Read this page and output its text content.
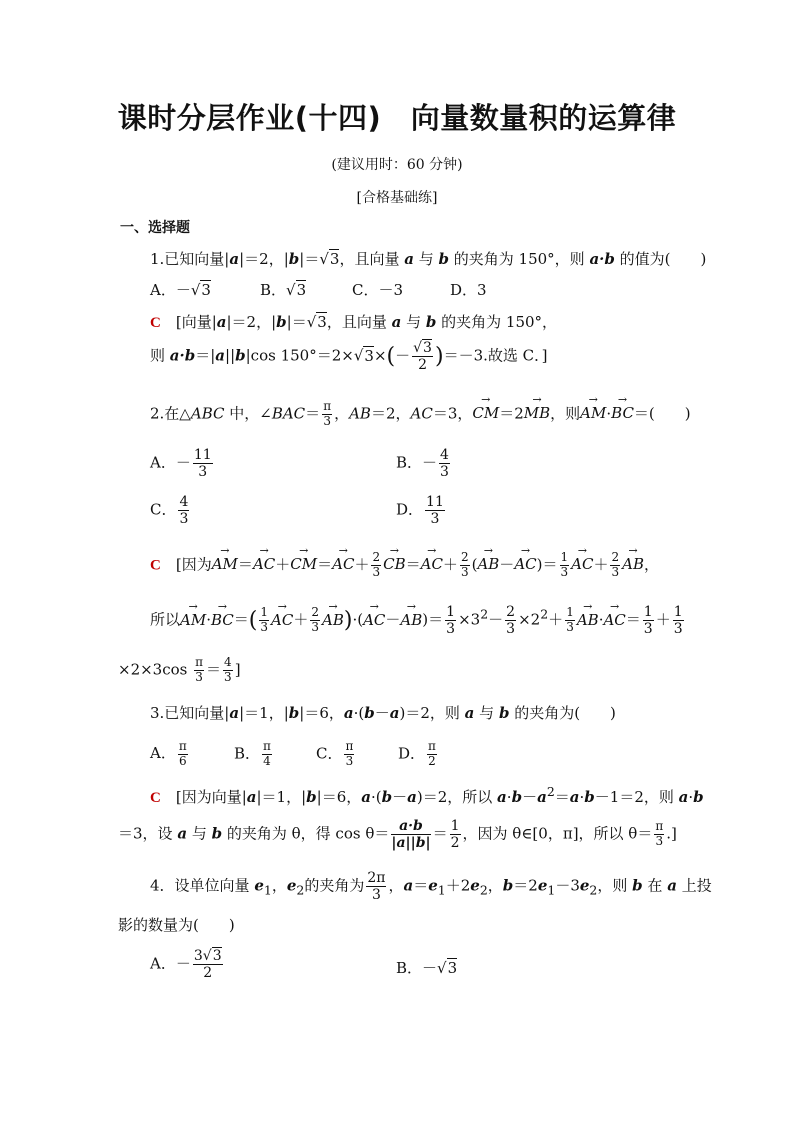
课时分层作业(十四)　向量数量积的运算律
(建议用时：60 分钟)
[合格基础练]
一、选择题
1.已知向量|a|＝2，|b|＝√3，且向量 a 与 b 的夹角为 150°，则 a·b 的值为(　　)
A．－√3	B．√3	C．－3	D．3
C　 [向量|a|＝2，|b|＝√3，且向量 a 与 b 的夹角为 150°，
则 a·b＝|a||b|cos $150^\circ=2\times√3\times(- \frac{√3}{2} )=-3$.故选 C．]
2.在△ABC 中，∠BAC＝ $\frac{\pi}{3}$ ，AB＝2，AC＝3，→ CM＝2→ MB，则→ AM·→ BC＝(　　)
A．－ $\frac{11}{3}$	B．－ $\frac{4}{3}$
C． $\frac{4}{3}$	D． $\frac{11}{3}$
C　 [因为→ $AM=\to AC+\to CM=\to AC+ \frac{2}{3}$
→ $CB=\to AC+ \frac{2}{3}$ (→ $AB-\to AC)= \frac{1}{3}$
→ $AC+ \frac{2}{3}$
→ AB，
所以→ $AM\cdot\to BC=( \frac{1}{3}$
→ $AC+ \frac{2}{3}$
→ $AB)\cdot(\to AC-\to AB)= \frac{1}{3} \times 3^2- \frac{2}{3} \times 2^2+ \frac{1}{3}$
→ $AB\cdot\to AC= \frac{1}{3} + \frac{1}{3}$
$\times 2\times 3\cos \frac{\pi}{3} = \frac{4}{3}$ ]
3.已知向量|a|＝1，|b|＝6，a·(b－a)＝2，则 a 与 b 的夹角为(　　)
A． $\frac{\pi}{6}$	B． $\frac{\pi}{4}$	C． $\frac{\pi}{3}$	D． $\frac{\pi}{2}$
C　 [因为向量|a|＝1，|b|＝6，a·(b－a)＝2，所以 $a\cdot b-a^2=a\cdot b-1=2$，则 a·b
＝3，设 a 与 b 的夹角为 θ，得 $\cos \theta= \frac{a\cdot b}{|a||b|} = \frac{1}{2}$ ，因为 θ∈[0，π]，所以 $\theta= \frac{\pi}{3}$ .]
4．设单位向量 $e_1$，$e_2$的夹角为 $\frac{2\pi}{3}$ ，$a=e_1+2e_2$，$b=2e_1-3e_2$，则 b 在 a 上投
影的数量为(　　)
A．－ $\frac{3√3}{2}$	B．－√3
